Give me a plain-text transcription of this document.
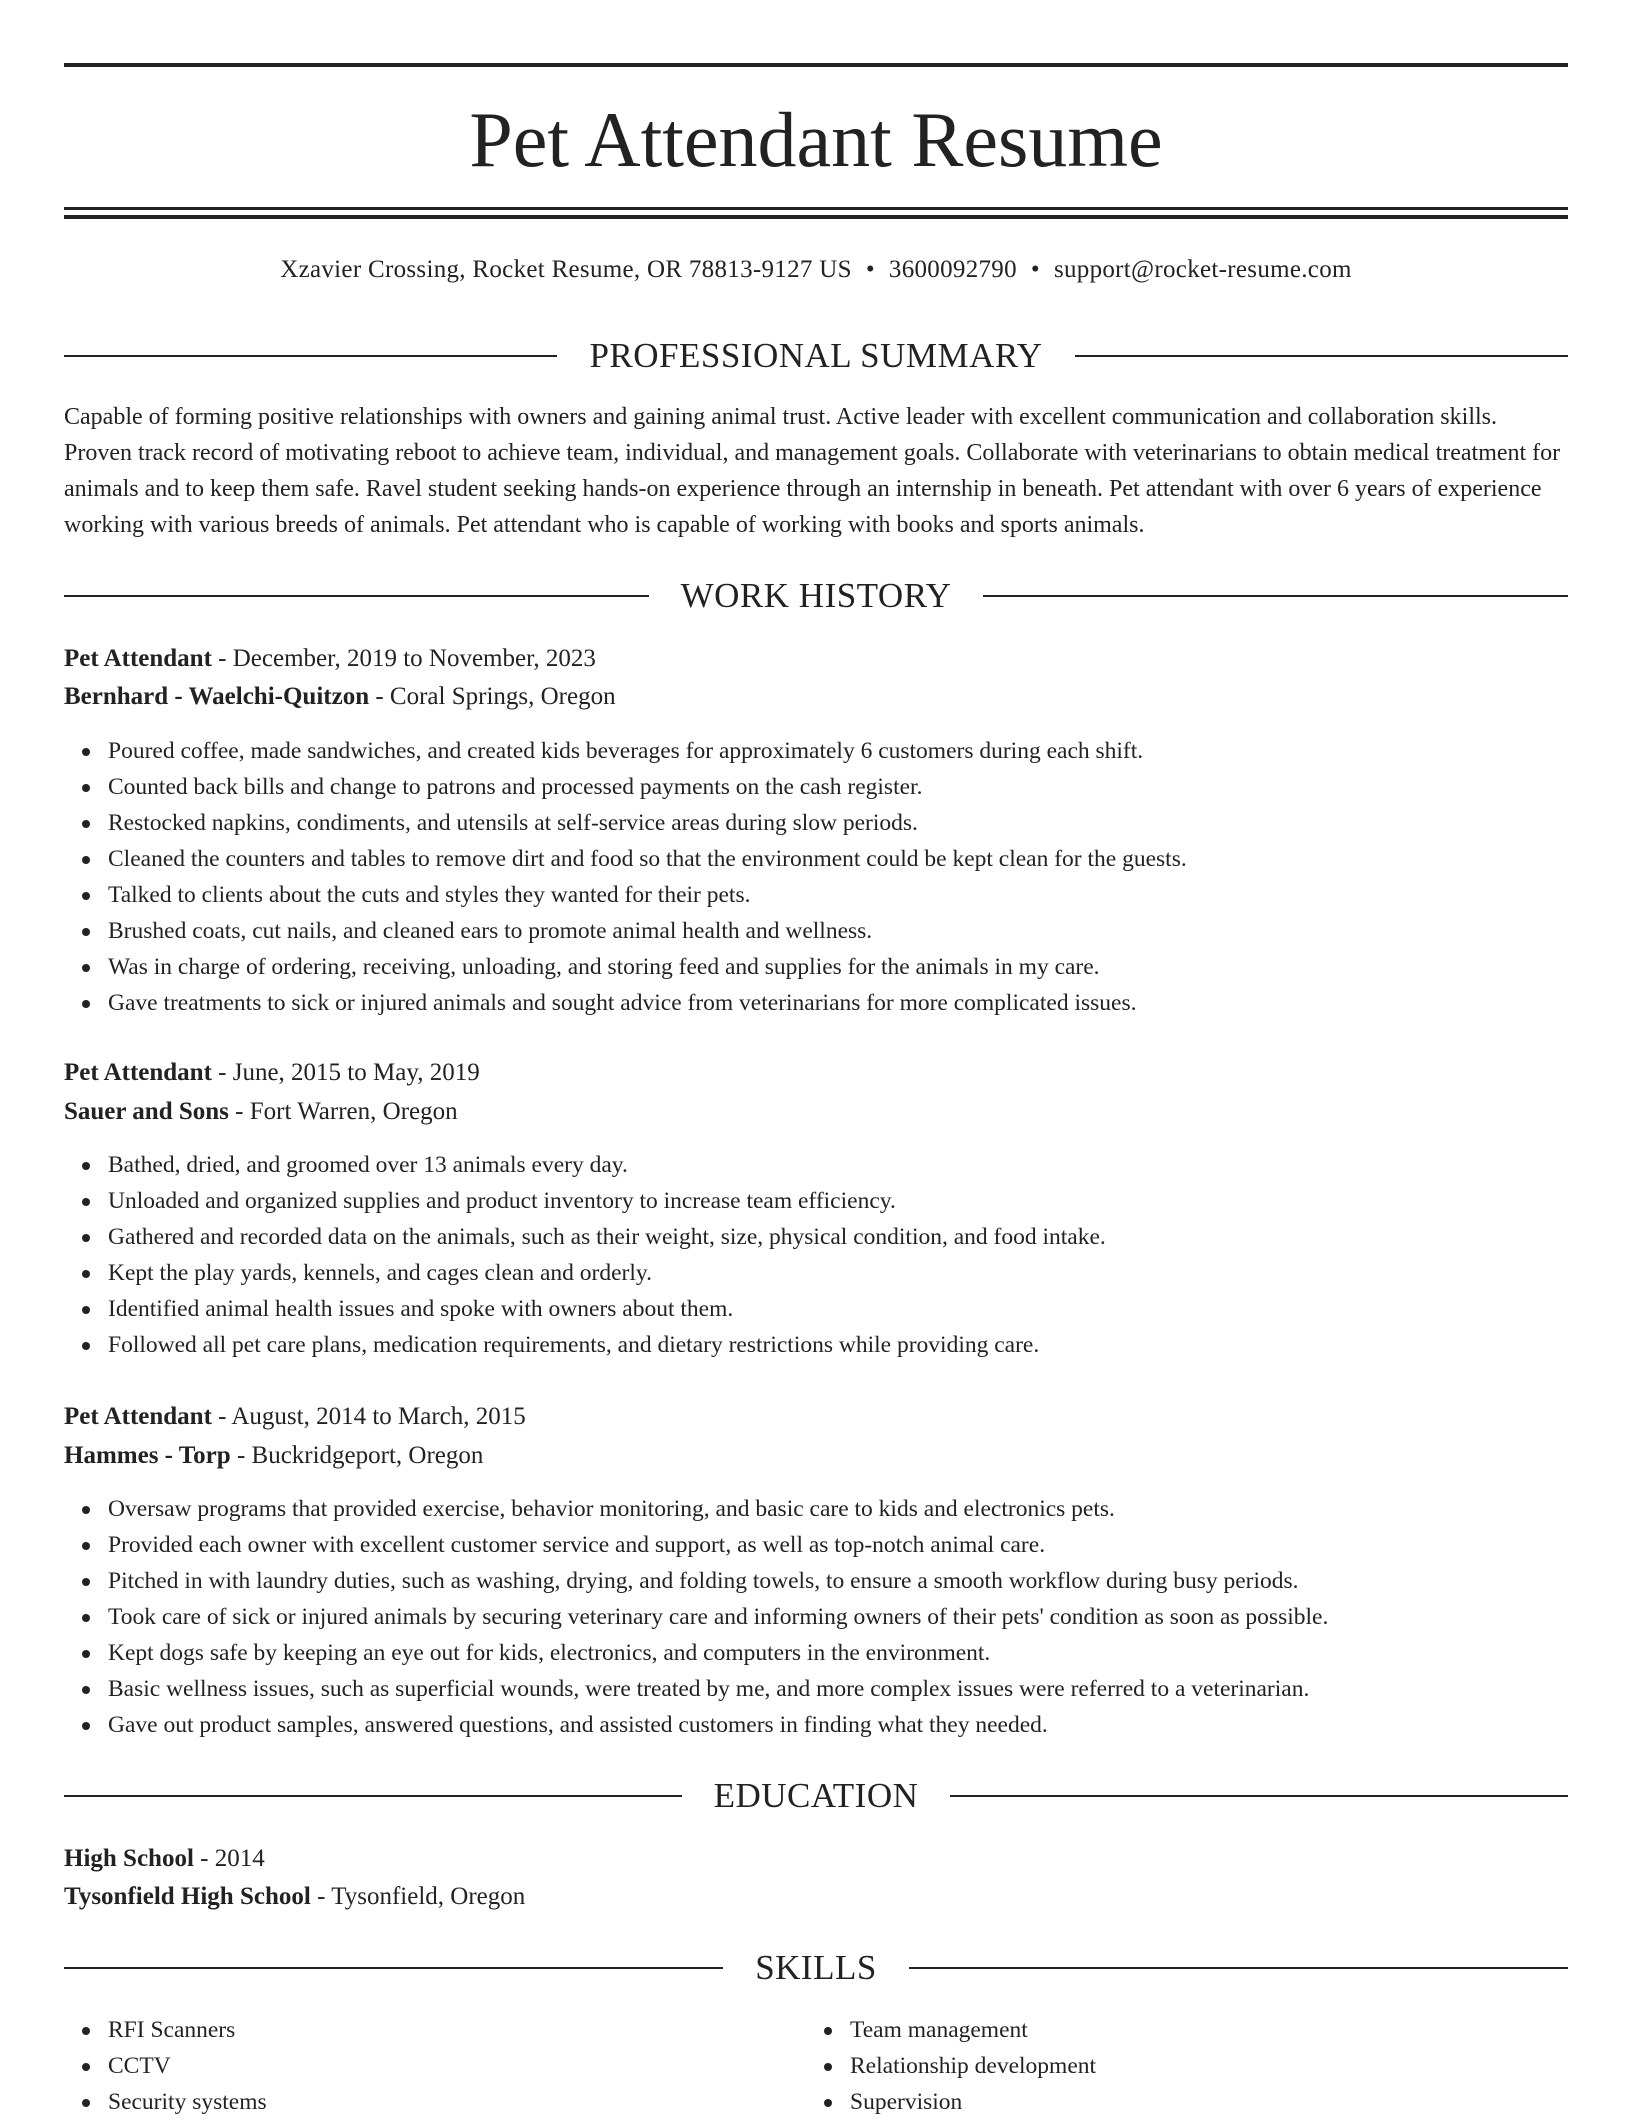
Pet Attendant Resume
Xzavier Crossing, Rocket Resume, OR 78813-9127 US • 3600092790 • support@rocket-resume.com
PROFESSIONAL SUMMARY

Capable of forming positive relationships with owners and gaining animal trust. Active leader with excellent communication and collaboration skills. Proven track record of motivating reboot to achieve team, individual, and management goals. Collaborate with veterinarians to obtain medical treatment for animals and to keep them safe. Ravel student seeking hands-on experience through an internship in beneath. Pet attendant with over 6 years of experience working with various breeds of animals. Pet attendant who is capable of working with books and sports animals.

WORK HISTORY
Pet Attendant - December, 2019 to November, 2023
Bernhard - Waelchi-Quitzon - Coral Springs, Oregon
Poured coffee, made sandwiches, and created kids beverages for approximately 6 customers during each shift.
Counted back bills and change to patrons and processed payments on the cash register.
Restocked napkins, condiments, and utensils at self-service areas during slow periods.
Cleaned the counters and tables to remove dirt and food so that the environment could be kept clean for the guests.
Talked to clients about the cuts and styles they wanted for their pets.
Brushed coats, cut nails, and cleaned ears to promote animal health and wellness.
Was in charge of ordering, receiving, unloading, and storing feed and supplies for the animals in my care.
Gave treatments to sick or injured animals and sought advice from veterinarians for more complicated issues.
Pet Attendant - June, 2015 to May, 2019
Sauer and Sons - Fort Warren, Oregon
Bathed, dried, and groomed over 13 animals every day.
Unloaded and organized supplies and product inventory to increase team efficiency.
Gathered and recorded data on the animals, such as their weight, size, physical condition, and food intake.
Kept the play yards, kennels, and cages clean and orderly.
Identified animal health issues and spoke with owners about them.
Followed all pet care plans, medication requirements, and dietary restrictions while providing care.
Pet Attendant - August, 2014 to March, 2015
Hammes - Torp - Buckridgeport, Oregon
Oversaw programs that provided exercise, behavior monitoring, and basic care to kids and electronics pets.
Provided each owner with excellent customer service and support, as well as top-notch animal care.
Pitched in with laundry duties, such as washing, drying, and folding towels, to ensure a smooth workflow during busy periods.
Took care of sick or injured animals by securing veterinary care and informing owners of their pets' condition as soon as possible.
Kept dogs safe by keeping an eye out for kids, electronics, and computers in the environment.
Basic wellness issues, such as superficial wounds, were treated by me, and more complex issues were referred to a veterinarian.
Gave out product samples, answered questions, and assisted customers in finding what they needed.
EDUCATION
High School - 2014
Tysonfield High School - Tysonfield, Oregon
SKILLS
RFI Scanners
CCTV
Security systems
Team management
Relationship development
Supervision
